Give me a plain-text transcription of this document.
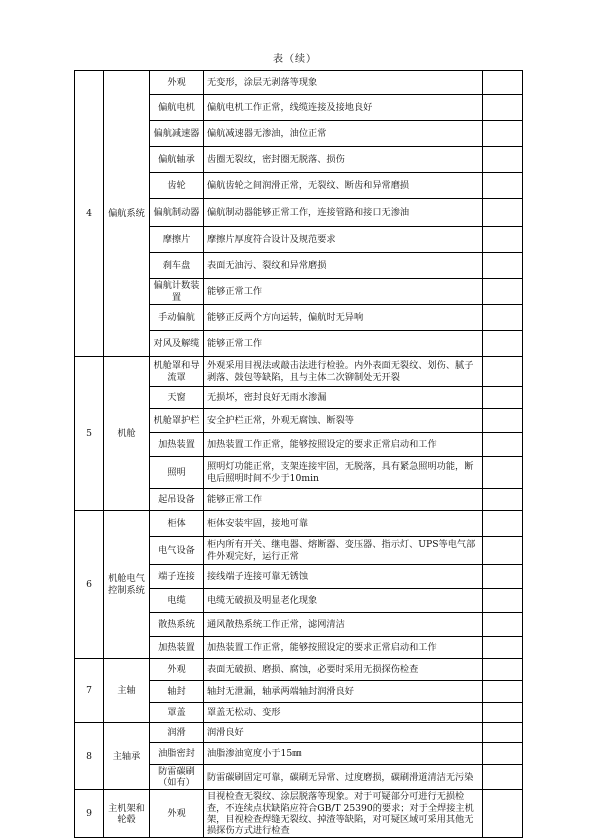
表（续）
4	偏航系统	外观	无变形，涂层无剥落等现象	
		偏航电机	偏航电机工作正常，线缆连接及接地良好	
		偏航减速器	偏航减速器无渗油，油位正常	
		偏航轴承	齿圈无裂纹，密封圈无脱落、损伤	
		齿轮	偏航齿轮之间润滑正常，无裂纹、断齿和异常磨损	
		偏航制动器	偏航制动器能够正常工作，连接管路和接口无渗油	
		摩擦片	摩擦片厚度符合设计及规范要求	
		刹车盘	表面无油污、裂纹和异常磨损	
		偏航计数装置	能够正常工作	
		手动偏航	能够正反两个方向运转，偏航时无异响	
		对风及解缆	能够正常工作	
5	机舱	机舱罩和导流罩	外观采用目视法或敲击法进行检验。内外表面无裂纹、划伤、腻子剥落、鼓包等缺陷，且与主体二次铆制处无开裂	
		天窗	无损坏，密封良好无雨水渗漏	
		机舱罩护栏	安全护栏正常，外观无腐蚀、断裂等	
		加热装置	加热装置工作正常，能够按照设定的要求正常启动和工作	
		照明	照明灯功能正常，支架连接牢固，无脱落，具有紧急照明功能，断电后照明时间不少于10min	
		起吊设备	能够正常工作	
6	机舱电气控制系统	柜体	柜体安装牢固，接地可靠	
		电气设备	柜内所有开关、继电器、熔断器、变压器、指示灯、UPS等电气部件外观完好，运行正常	
		端子连接	接线端子连接可靠无锈蚀	
		电缆	电缆无破损及明显老化现象	
		散热系统	通风散热系统工作正常，滤网清洁	
		加热装置	加热装置工作正常，能够按照设定的要求正常启动和工作	
7	主轴	外观	表面无破损、磨损、腐蚀，必要时采用无损探伤检查	
		轴封	轴封无泄漏，轴承两端轴封润滑良好	
		罩盖	罩盖无松动、变形	
8	主轴承	润滑	润滑良好	
		油脂密封	油脂渗油宽度小于15㎜	
		防雷碳刷（如有）	防雷碳刷固定可靠，碳刷无异常、过度磨损，碳刷滑道清洁无污染	
9	主机架和轮毂	外观	目视检查无裂纹、涂层脱落等现象。对于可疑部分可进行无损检查，不连续点状缺陷应符合GB/T 25390的要求；对于全焊接主机架，目视检查焊缝无裂纹、掉渣等缺陷，对可疑区域可采用其他无损探伤方式进行检查	
